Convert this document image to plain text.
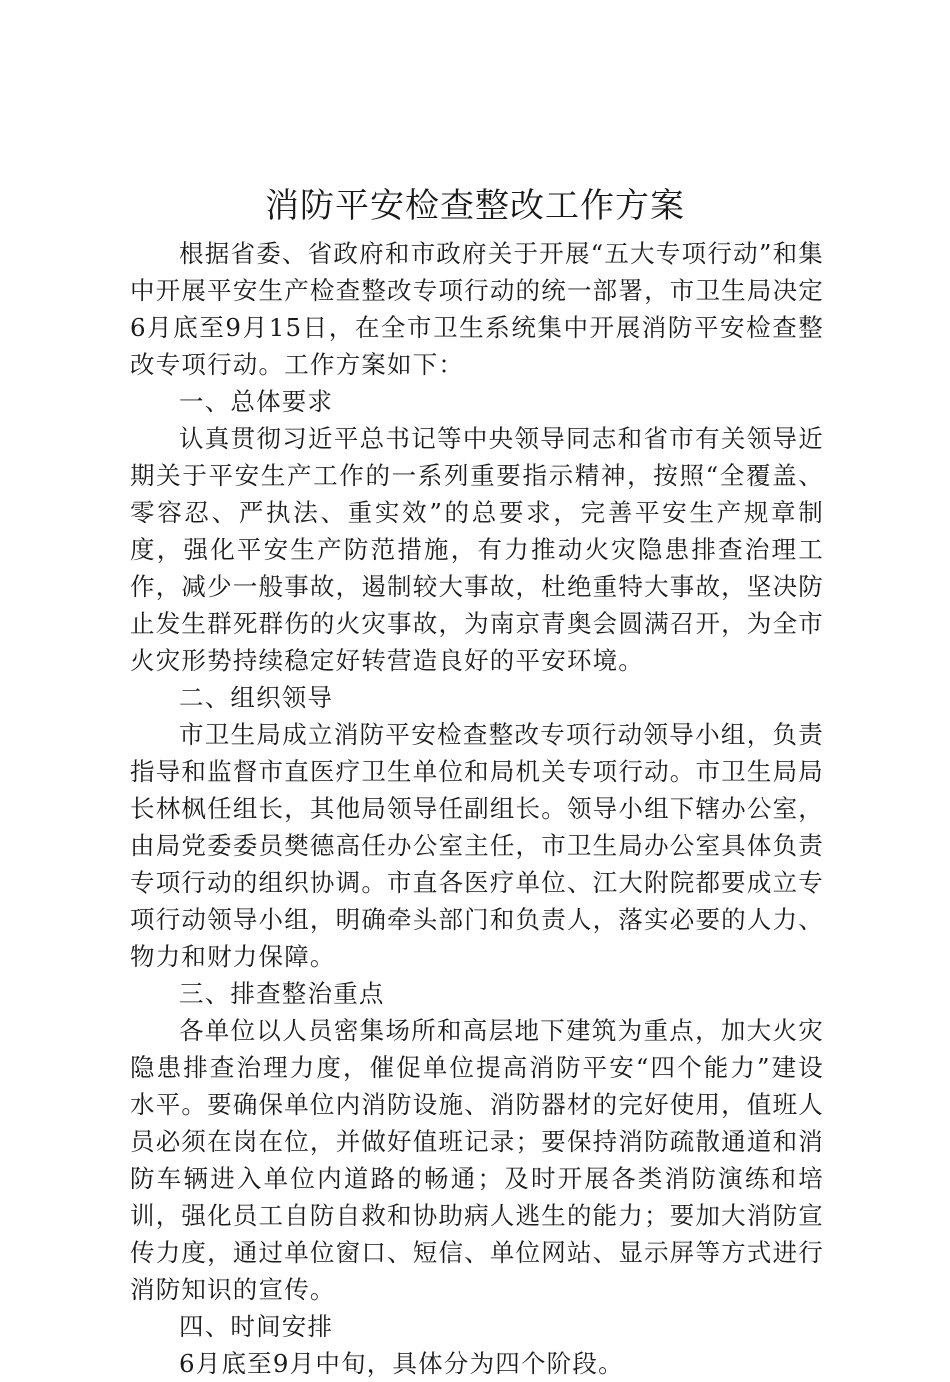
消防平安检查整改工作方案

根据省委、省政府和市政府关于开展“五大专项行动”和集中开展平安生产检查整改专项行动的统一部署，市卫生局决定6月底至9月15日，在全市卫生系统集中开展消防平安检查整改专项行动。工作方案如下：

一、总体要求

认真贯彻习近平总书记等中央领导同志和省市有关领导近期关于平安生产工作的一系列重要指示精神，按照“全覆盖、零容忍、严执法、重实效”的总要求，完善平安生产规章制度，强化平安生产防范措施，有力推动火灾隐患排查治理工作，减少一般事故，遏制较大事故，杜绝重特大事故，坚决防止发生群死群伤的火灾事故，为南京青奥会圆满召开，为全市火灾形势持续稳定好转营造良好的平安环境。

二、组织领导

市卫生局成立消防平安检查整改专项行动领导小组，负责指导和监督市直医疗卫生单位和局机关专项行动。市卫生局局长林枫任组长，其他局领导任副组长。领导小组下辖办公室，由局党委委员樊德高任办公室主任，市卫生局办公室具体负责专项行动的组织协调。市直各医疗单位、江大附院都要成立专项行动领导小组，明确牵头部门和负责人，落实必要的人力、物力和财力保障。

三、排查整治重点

各单位以人员密集场所和高层地下建筑为重点，加大火灾隐患排查治理力度，催促单位提高消防平安“四个能力”建设水平。要确保单位内消防设施、消防器材的完好使用，值班人员必须在岗在位，并做好值班记录；要保持消防疏散通道和消防车辆进入单位内道路的畅通；及时开展各类消防演练和培训，强化员工自防自救和协助病人逃生的能力；要加大消防宣传力度，通过单位窗口、短信、单位网站、显示屏等方式进行消防知识的宣传。

四、时间安排

6月底至9月中旬，具体分为四个阶段。
